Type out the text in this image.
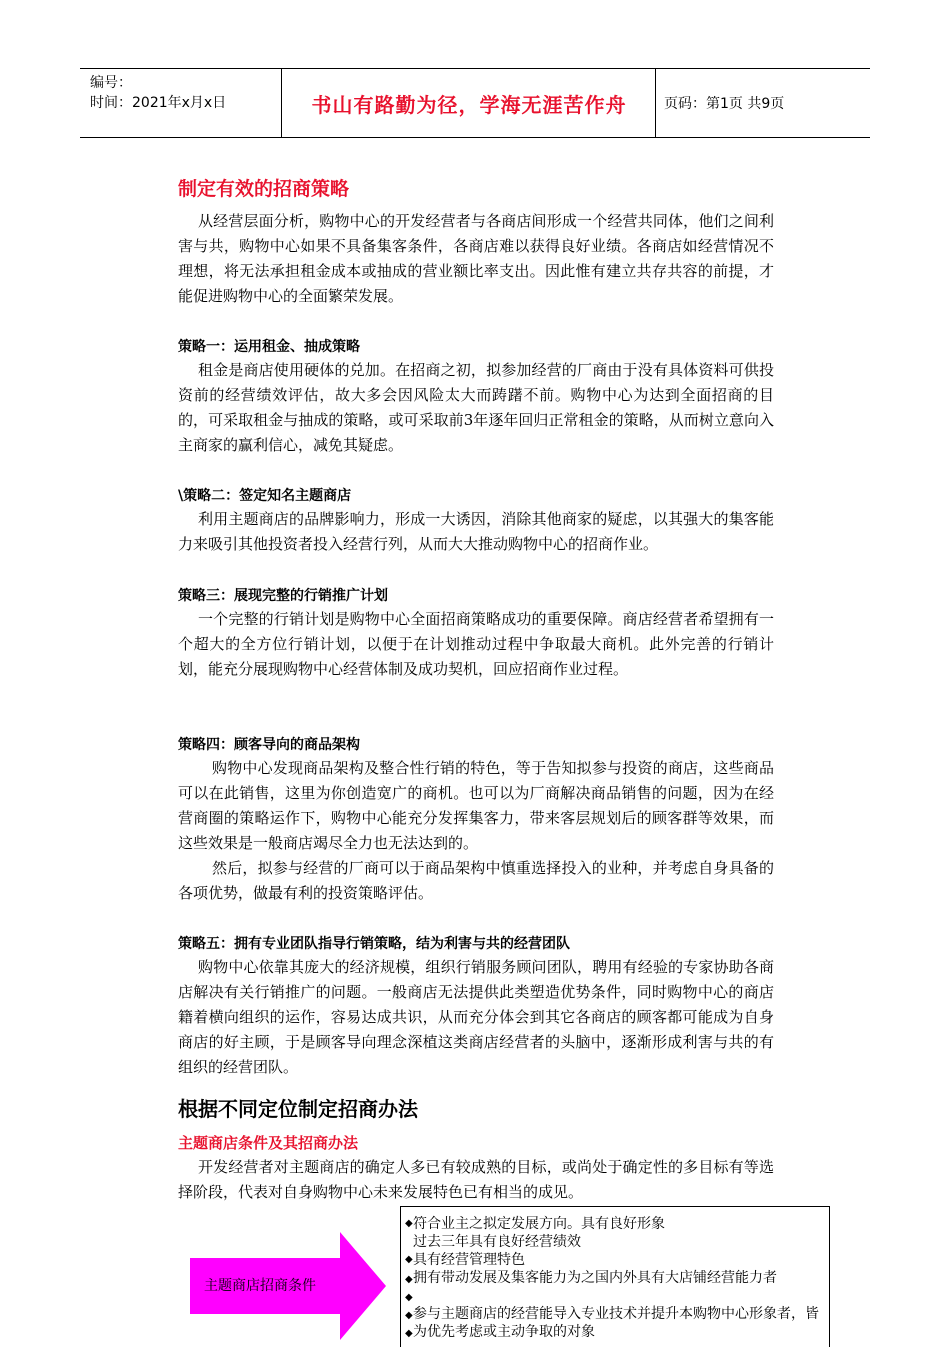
编号：
时间：2021年x月x日	书山有路勤为径，学海无涯苦作舟	页码：第1页 共9页
制定有效的招商策略

从经营层面分析，购物中心的开发经营者与各商店间形成一个经营共同体，他们之间利害与共，购物中心如果不具备集客条件，各商店难以获得良好业绩。各商店如经营情况不理想，将无法承担租金成本或抽成的营业额比率支出。因此惟有建立共存共容的前提，才能促进购物中心的全面繁荣发展。

策略一：运用租金、抽成策略

租金是商店使用硬体的兑加。在招商之初，拟参加经营的厂商由于没有具体资料可供投资前的经营绩效评估，故大多会因风险太大而踌躇不前。购物中心为达到全面招商的目的，可采取租金与抽成的策略，或可采取前3年逐年回归正常租金的策略，从而树立意向入主商家的赢利信心，减免其疑虑。

\策略二：签定知名主题商店

利用主题商店的品牌影响力，形成一大诱因，消除其他商家的疑虑，以其强大的集客能力来吸引其他投资者投入经营行列，从而大大推动购物中心的招商作业。

策略三：展现完整的行销推广计划

一个完整的行销计划是购物中心全面招商策略成功的重要保障。商店经营者希望拥有一个超大的全方位行销计划，以便于在计划推动过程中争取最大商机。此外完善的行销计划，能充分展现购物中心经营体制及成功契机，回应招商作业过程。

策略四：顾客导向的商品架构

购物中心发现商品架构及整合性行销的特色，等于告知拟参与投资的商店，这些商品可以在此销售，这里为你创造宽广的商机。也可以为厂商解决商品销售的问题，因为在经营商圈的策略运作下，购物中心能充分发挥集客力，带来客层规划后的顾客群等效果，而这些效果是一般商店竭尽全力也无法达到的。

然后，拟参与经营的厂商可以于商品架构中慎重选择投入的业种，并考虑自身具备的各项优势，做最有利的投资策略评估。

策略五：拥有专业团队指导行销策略，结为利害与共的经营团队

购物中心依靠其庞大的经济规模，组织行销服务顾问团队，聘用有经验的专家协助各商店解决有关行销推广的问题。一般商店无法提供此类塑造优势条件，同时购物中心的商店籍着横向组织的运作，容易达成共识，从而充分体会到其它各商店的顾客都可能成为自身商店的好主顾，于是顾客导向理念深植这类商店经营者的头脑中，逐渐形成利害与共的有组织的经营团队。

根据不同定位制定招商办法
主题商店条件及其招商办法

开发经营者对主题商店的确定人多已有较成熟的目标，或尚处于确定性的多目标有等选择阶段，代表对自身购物中心未来发展特色已有相当的成见。

主题商店招商条件
◆
◆
◆
◆
◆
◆
符合业主之拟定发展方向。具有良好形象
过去三年具有良好经营绩效
具有经营管理特色
拥有带动发展及集客能力为之国内外具有大店铺经营能力者
参与主题商店的经营能导入专业技术并提升本购物中心形象者，皆为优先考虑或主动争取的对象
